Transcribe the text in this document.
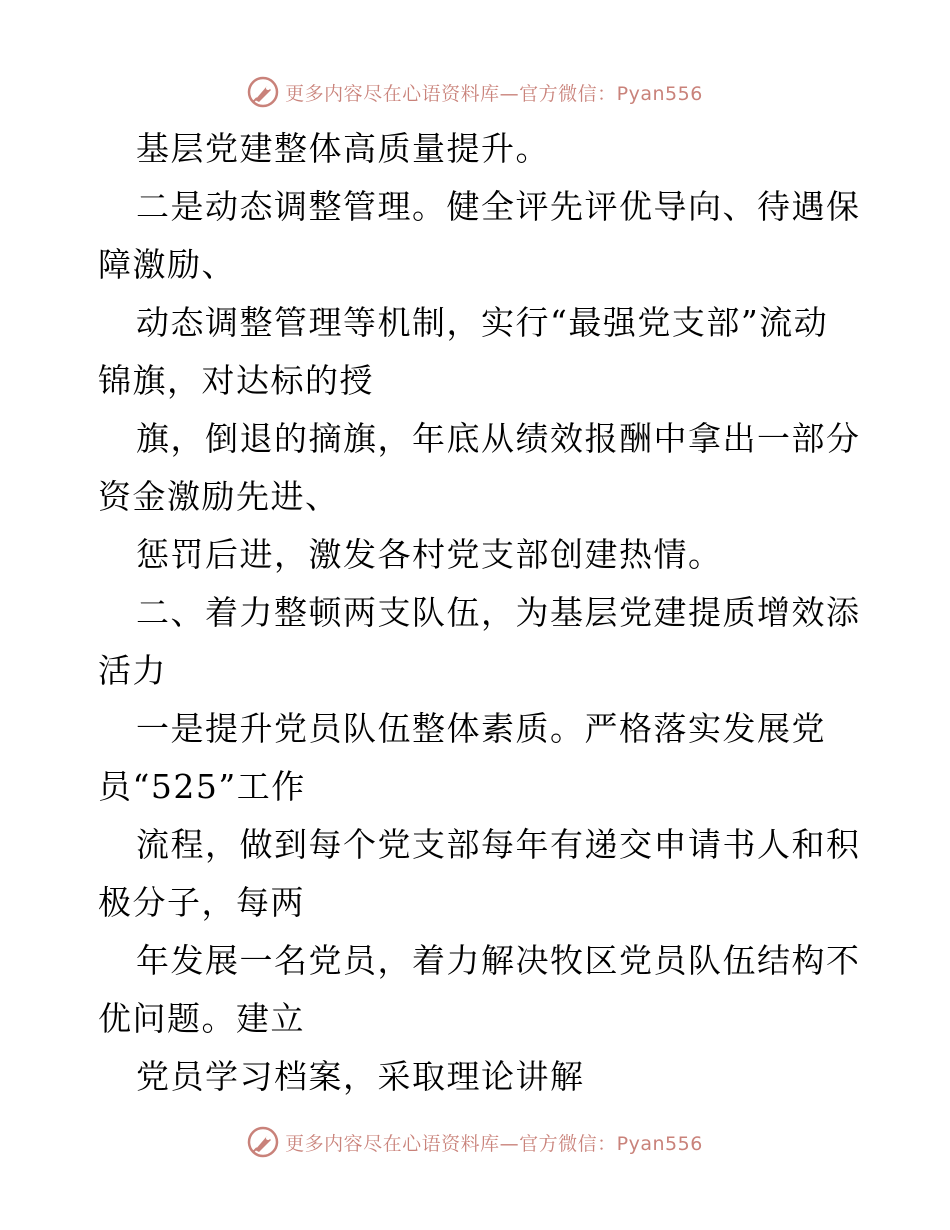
更多内容尽在心语资料库—官方微信：Pyan556
基层党建整体高质量提升。
二是动态调整管理。健全评先评优导向、待遇保
障激励、
动态调整管理等机制，实行“最强党支部”流动
锦旗，对达标的授
旗，倒退的摘旗，年底从绩效报酬中拿出一部分
资金激励先进、
惩罚后进，激发各村党支部创建热情。
二、着力整顿两支队伍，为基层党建提质增效添
活力
一是提升党员队伍整体素质。严格落实发展党
员“525”工作
流程，做到每个党支部每年有递交申请书人和积
极分子，每两
年发展一名党员，着力解决牧区党员队伍结构不
优问题。建立
党员学习档案，采取理论讲解
更多内容尽在心语资料库—官方微信：Pyan556
